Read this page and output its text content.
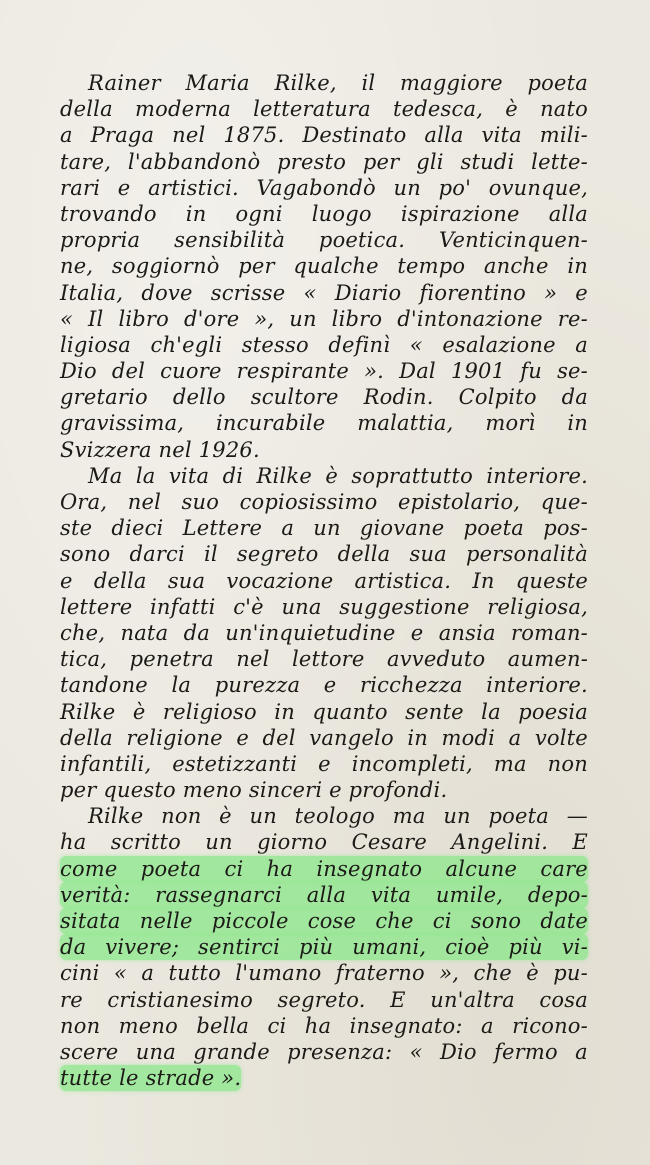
Rainer Maria Rilke, il maggiore poeta
della moderna letteratura tedesca, è nato
a Praga nel 1875. Destinato alla vita mili-
tare, l'abbandonò presto per gli studi lette-
rari e artistici. Vagabondò un po' ovunque,
trovando in ogni luogo ispirazione alla
propria sensibilità poetica. Venticinquen-
ne, soggiornò per qualche tempo anche in
Italia, dove scrisse « Diario fiorentino » e
« Il libro d'ore », un libro d'intonazione re-
ligiosa ch'egli stesso definì « esalazione a
Dio del cuore respirante ». Dal 1901 fu se-
gretario dello scultore Rodin. Colpito da
gravissima, incurabile malattia, morì in
Svizzera nel 1926.
Ma la vita di Rilke è soprattutto interiore.
Ora, nel suo copiosissimo epistolario, que-
ste dieci Lettere a un giovane poeta pos-
sono darci il segreto della sua personalità
e della sua vocazione artistica. In queste
lettere infatti c'è una suggestione religiosa,
che, nata da un'inquietudine e ansia roman-
tica, penetra nel lettore avveduto aumen-
tandone la purezza e ricchezza interiore.
Rilke è religioso in quanto sente la poesia
della religione e del vangelo in modi a volte
infantili, estetizzanti e incompleti, ma non
per questo meno sinceri e profondi.
Rilke non è un teologo ma un poeta —
ha scritto un giorno Cesare Angelini. E
come poeta ci ha insegnato alcune care
verità: rassegnarci alla vita umile, depo-
sitata nelle piccole cose che ci sono date
da vivere; sentirci più umani, cioè più vi-
cini « a tutto l'umano fraterno », che è pu-
re cristianesimo segreto. E un'altra cosa
non meno bella ci ha insegnato: a ricono-
scere una grande presenza: « Dio fermo a
tutte le strade ».
